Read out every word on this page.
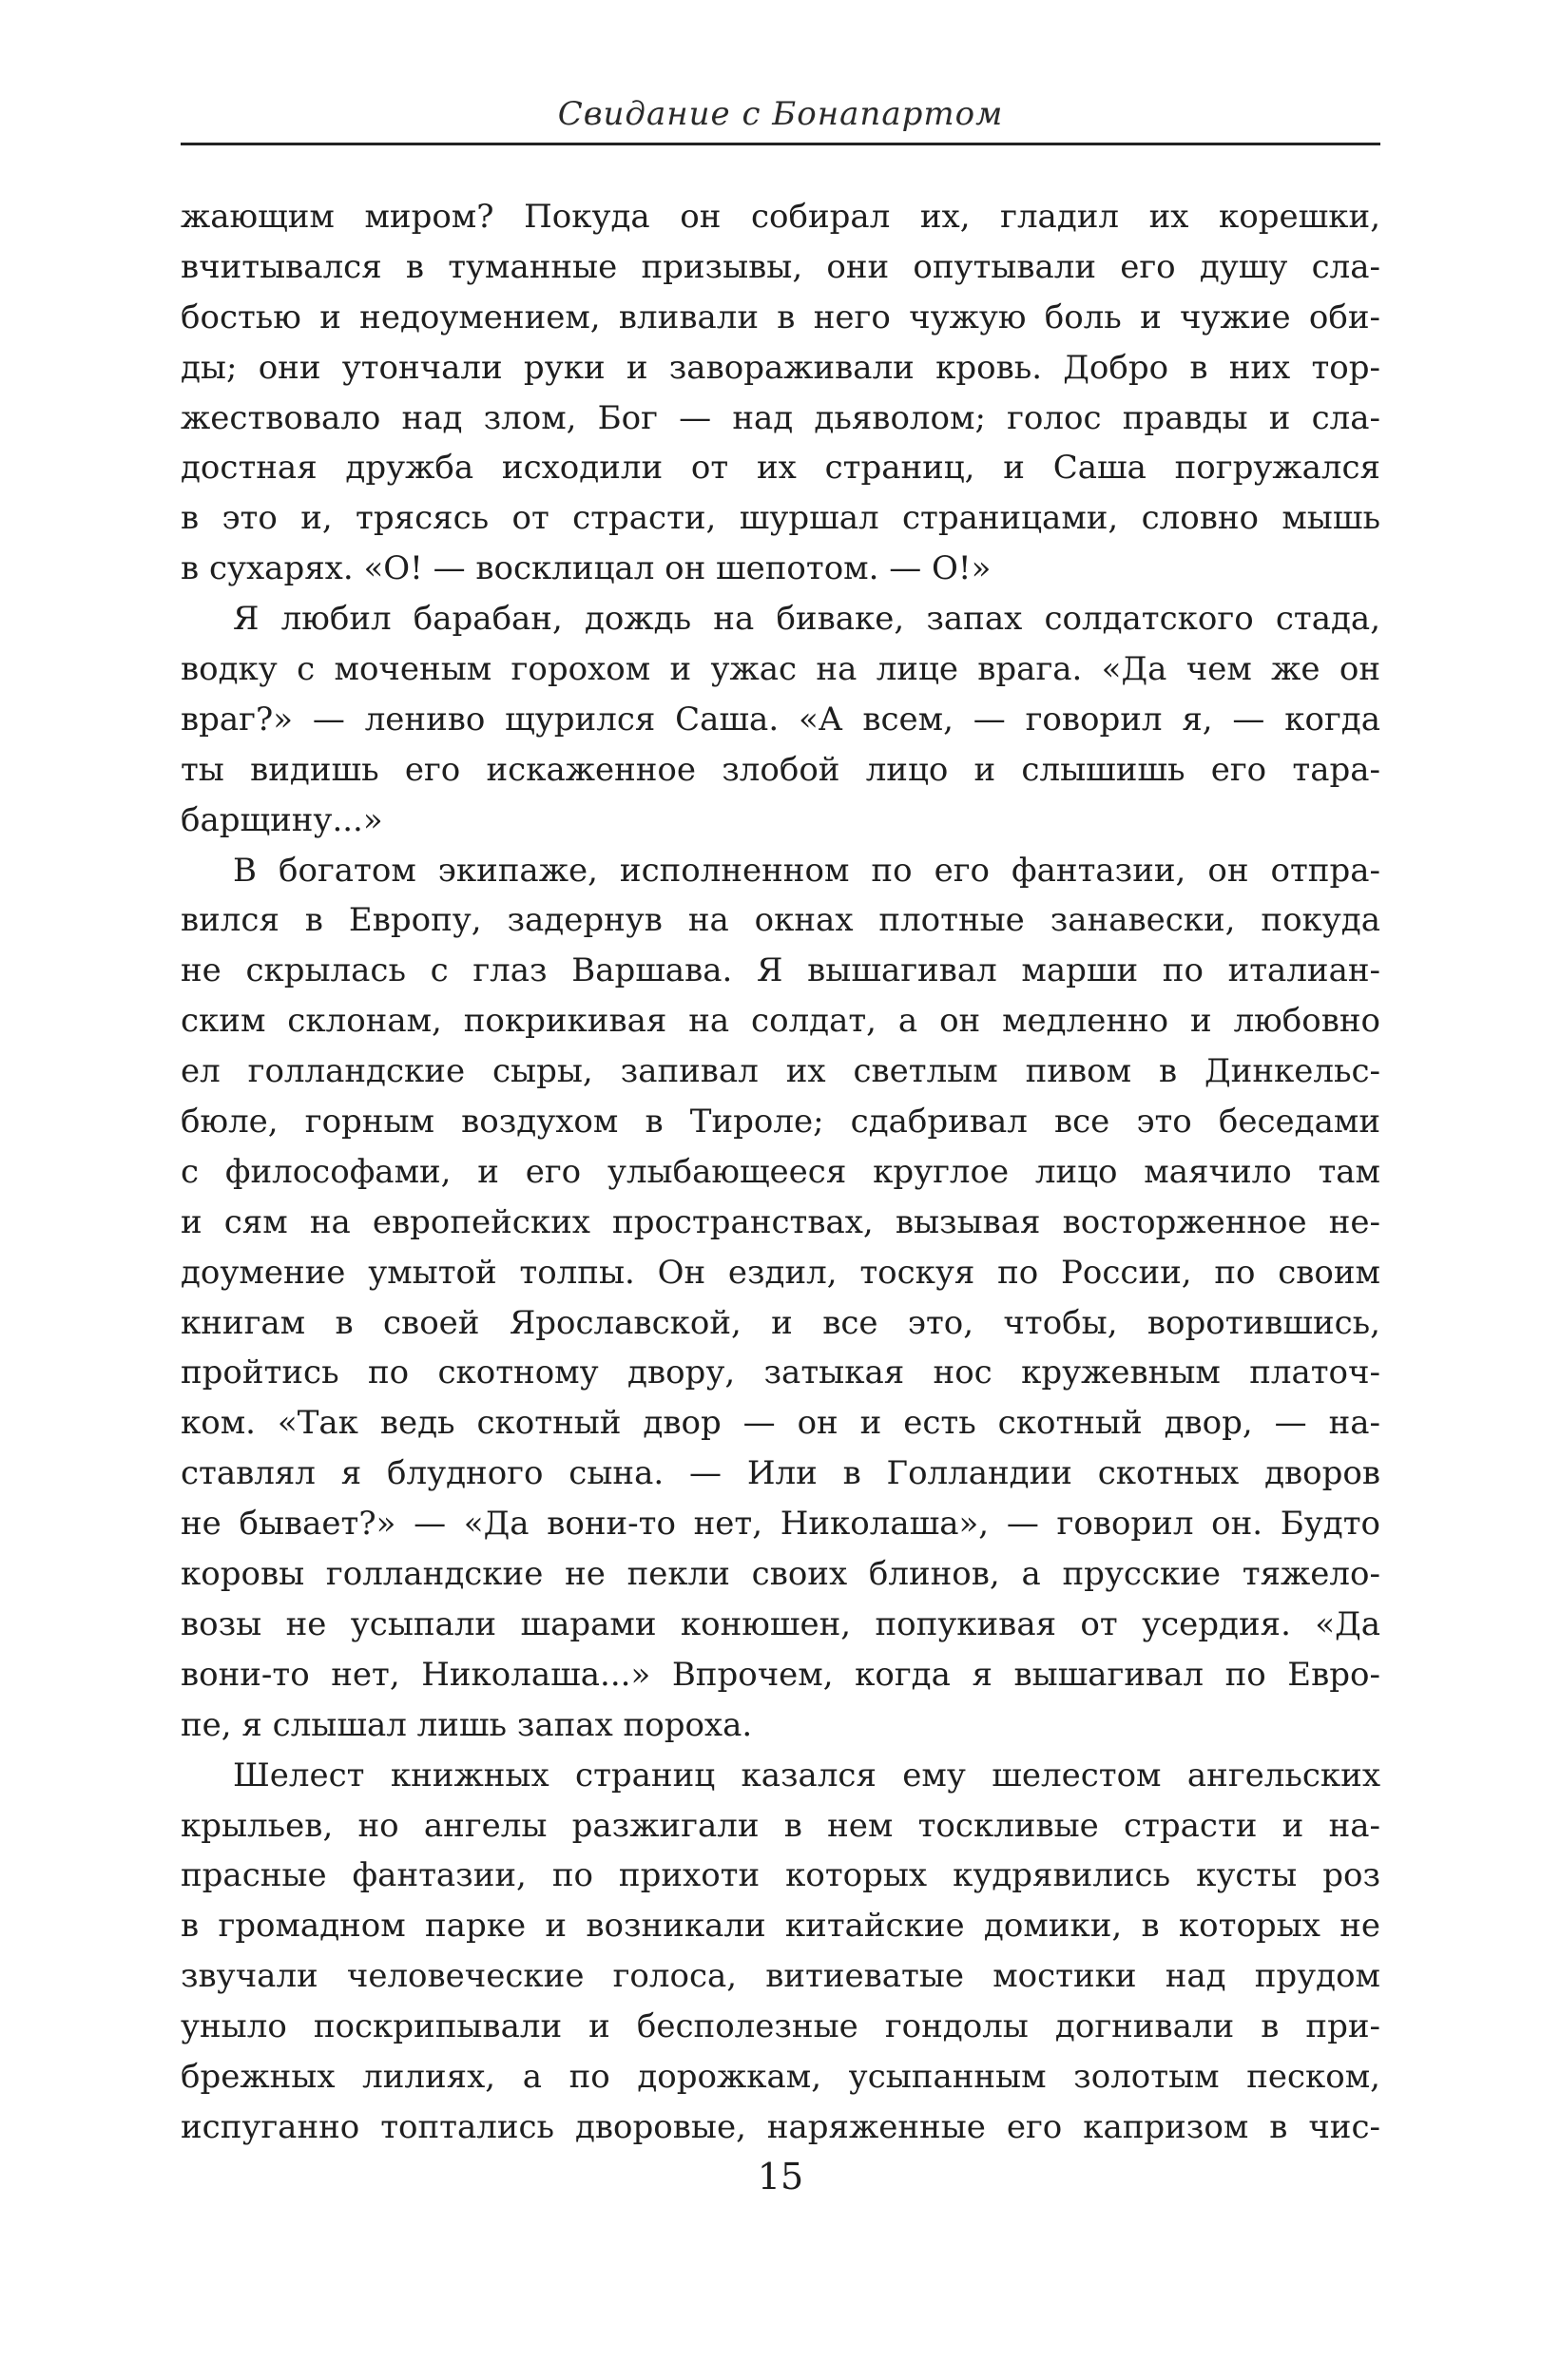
Свидание с Бонапартом
жающим миром? Покуда он собирал их, гладил их корешки,
вчитывался в туманные призывы, они опутывали его душу сла-
бостью и недоумением, вливали в него чужую боль и чужие оби-
ды; они утончали руки и завораживали кровь. Добро в них тор-
жествовало над злом, Бог — над дьяволом; голос правды и сла-
достная дружба исходили от их страниц, и Саша погружался
в это и, трясясь от страсти, шуршал страницами, словно мышь
в сухарях. «О! — восклицал он шепотом. — О!»
Я любил барабан, дождь на биваке, запах солдатского стада,
водку с моченым горохом и ужас на лице врага. «Да чем же он
враг?» — лениво щурился Саша. «А всем, — говорил я, — когда
ты видишь его искаженное злобой лицо и слышишь его тара-
барщину...»
В богатом экипаже, исполненном по его фантазии, он отпра-
вился в Европу, задернув на окнах плотные занавески, покуда
не скрылась с глаз Варшава. Я вышагивал марши по италиан-
ским склонам, покрикивая на солдат, а он медленно и любовно
ел голландские сыры, запивал их светлым пивом в Динкельс-
бюле, горным воздухом в Тироле; сдабривал все это беседами
с философами, и его улыбающееся круглое лицо маячило там
и сям на европейских пространствах, вызывая восторженное не-
доумение умытой толпы. Он ездил, тоскуя по России, по своим
книгам в своей Ярославской, и все это, чтобы, воротившись,
пройтись по скотному двору, затыкая нос кружевным платоч-
ком. «Так ведь скотный двор — он и есть скотный двор, — на-
ставлял я блудного сына. — Или в Голландии скотных дворов
не бывает?» — «Да вони-то нет, Николаша», — говорил он. Будто
коровы голландские не пекли своих блинов, а прусские тяжело-
возы не усыпали шарами конюшен, попукивая от усердия. «Да
вони-то нет, Николаша...» Впрочем, когда я вышагивал по Евро-
пе, я слышал лишь запах пороха.
Шелест книжных страниц казался ему шелестом ангельских
крыльев, но ангелы разжигали в нем тоскливые страсти и на-
прасные фантазии, по прихоти которых кудрявились кусты роз
в громадном парке и возникали китайские домики, в которых не
звучали человеческие голоса, витиеватые мостики над прудом
уныло поскрипывали и бесполезные гондолы догнивали в при-
брежных лилиях, а по дорожкам, усыпанным золотым песком,
испуганно топтались дворовые, наряженные его капризом в чис-
15
